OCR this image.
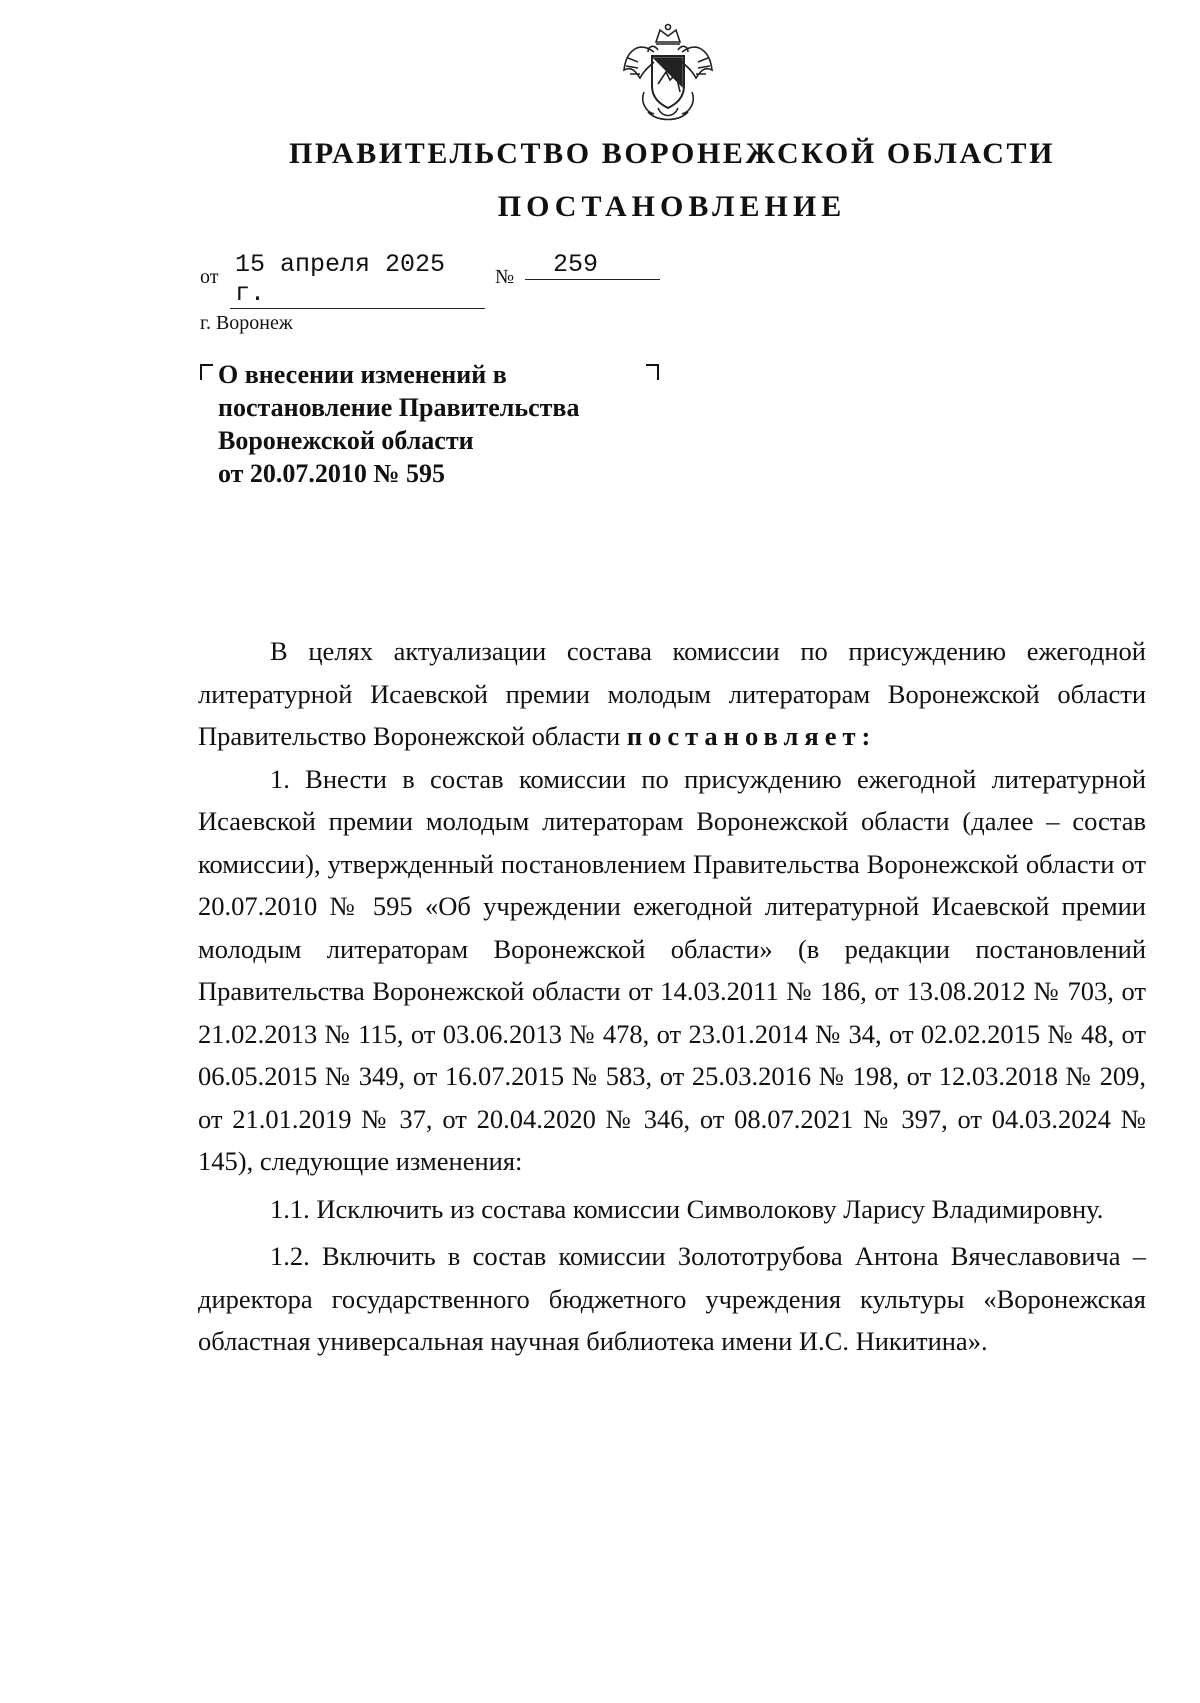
ПРАВИТЕЛЬСТВО ВОРОНЕЖСКОЙ ОБЛАСТИ
ПОСТАНОВЛЕНИЕ
от 15 апреля 2025 г.
№	259
г. Воронеж
О внесении изменений в
постановление Правительства
Воронежской области
от 20.07.2010 № 595

В целях актуализации состава комиссии по присуждению ежегодной литературной Исаевской премии молодым литераторам Воронежской области Правительство Воронежской области постановляет:

1. Внести в состав комиссии по присуждению ежегодной литературной Исаевской премии молодым литераторам Воронежской области (далее – состав комиссии), утвержденный постановлением Правительства Воронежской области от 20.07.2010 № 595 «Об учреждении ежегодной литературной Исаевской премии молодым литераторам Воронежской области» (в редакции постановлений Правительства Воронежской области от 14.03.2011 № 186, от 13.08.2012 № 703, от 21.02.2013 № 115, от 03.06.2013 № 478, от 23.01.2014 № 34, от 02.02.2015 № 48, от 06.05.2015 № 349, от 16.07.2015 № 583, от 25.03.2016 № 198, от 12.03.2018 № 209, от 21.01.2019 № 37, от 20.04.2020 № 346, от 08.07.2021 № 397, от 04.03.2024 № 145), следующие изменения:

1.1. Исключить из состава комиссии Символокову Ларису Владимировну.

1.2. Включить в состав комиссии Золототрубова Антона Вячеславовича – директора государственного бюджетного учреждения культуры «Воронежская областная универсальная научная библиотека имени И.С. Никитина».
